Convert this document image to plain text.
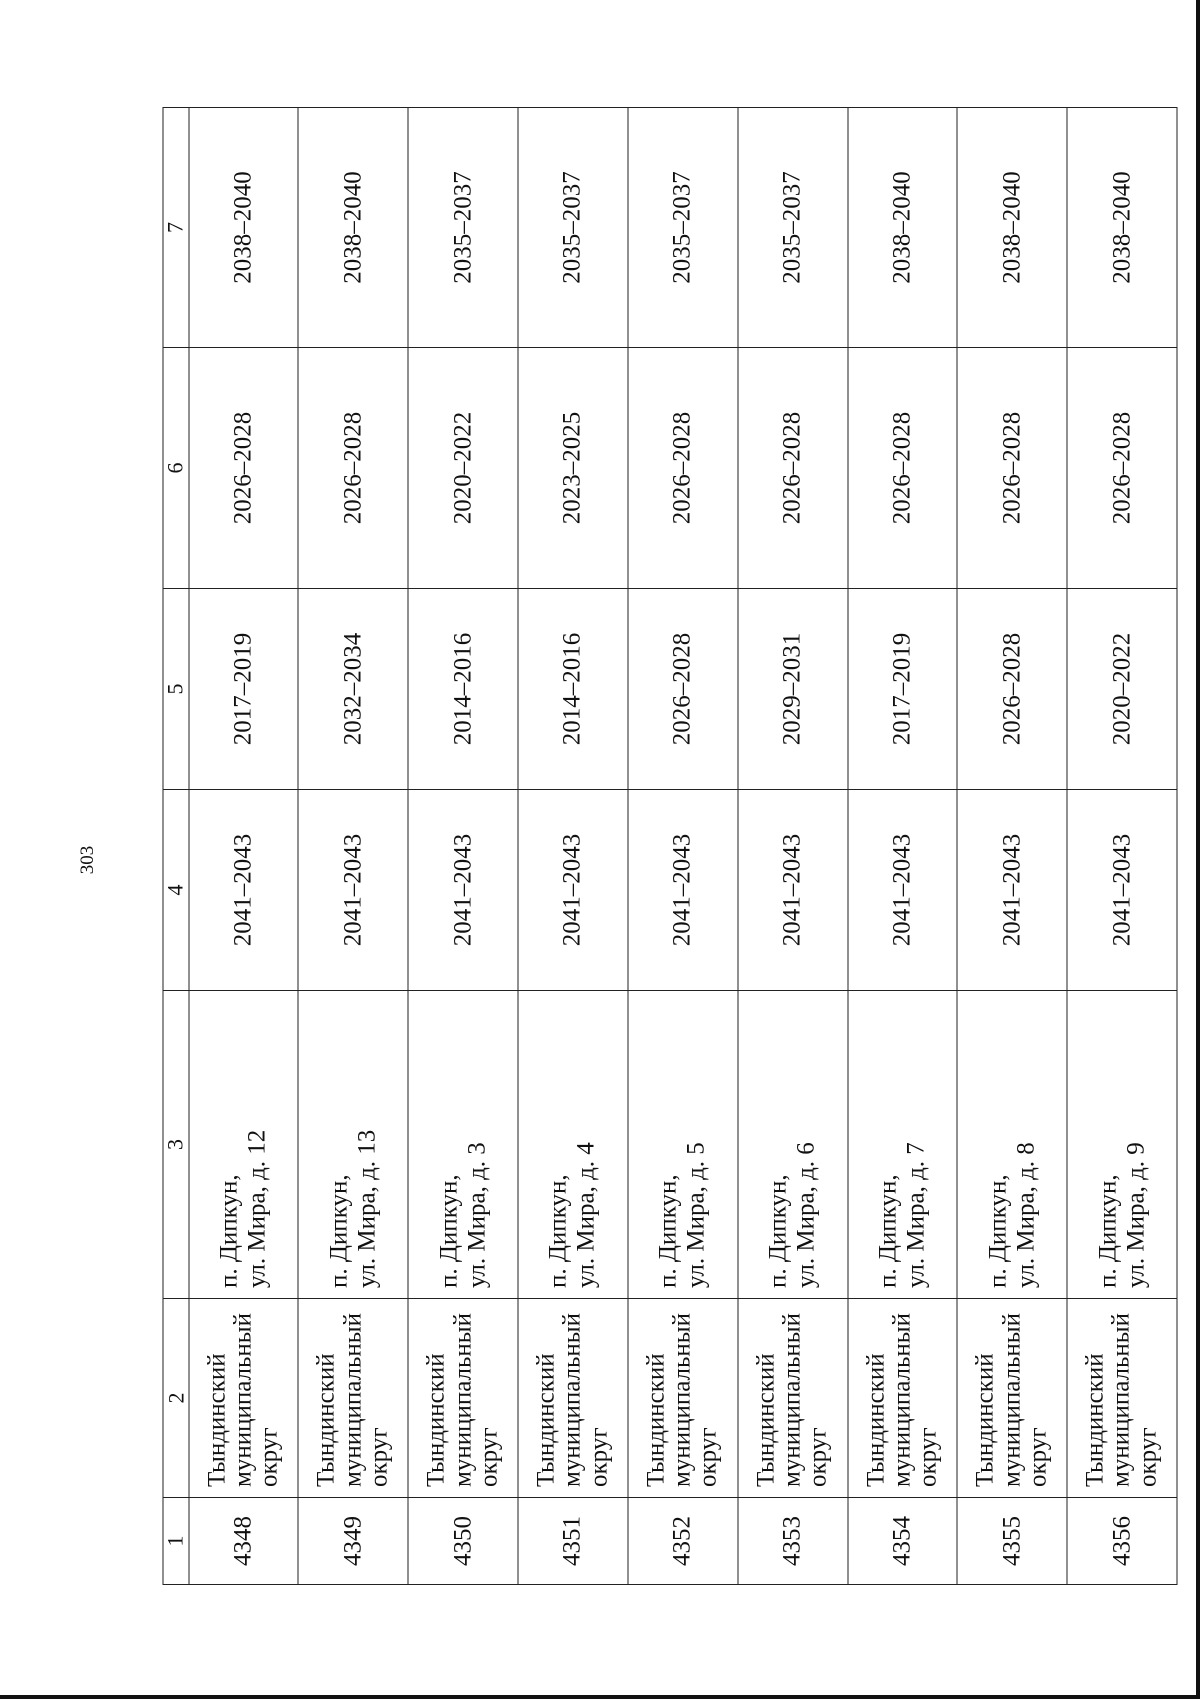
303
1	2	3	4	5	6	7
4348	Тындинский муниципальный округ	п. Дипкун, ул. Мира, д. 12	2041–2043	2017–2019	2026–2028	2038–2040
4349	Тындинский муниципальный округ	п. Дипкун, ул. Мира, д. 13	2041–2043	2032–2034	2026–2028	2038–2040
4350	Тындинский муниципальный округ	п. Дипкун, ул. Мира, д. 3	2041–2043	2014–2016	2020–2022	2035–2037
4351	Тындинский муниципальный округ	п. Дипкун, ул. Мира, д. 4	2041–2043	2014–2016	2023–2025	2035–2037
4352	Тындинский муниципальный округ	п. Дипкун, ул. Мира, д. 5	2041–2043	2026–2028	2026–2028	2035–2037
4353	Тындинский муниципальный округ	п. Дипкун, ул. Мира, д. 6	2041–2043	2029–2031	2026–2028	2035–2037
4354	Тындинский муниципальный округ	п. Дипкун, ул. Мира, д. 7	2041–2043	2017–2019	2026–2028	2038–2040
4355	Тындинский муниципальный округ	п. Дипкун, ул. Мира, д. 8	2041–2043	2026–2028	2026–2028	2038–2040
4356	Тындинский муниципальный округ	п. Дипкун, ул. Мира, д. 9	2041–2043	2020–2022	2026–2028	2038–2040
